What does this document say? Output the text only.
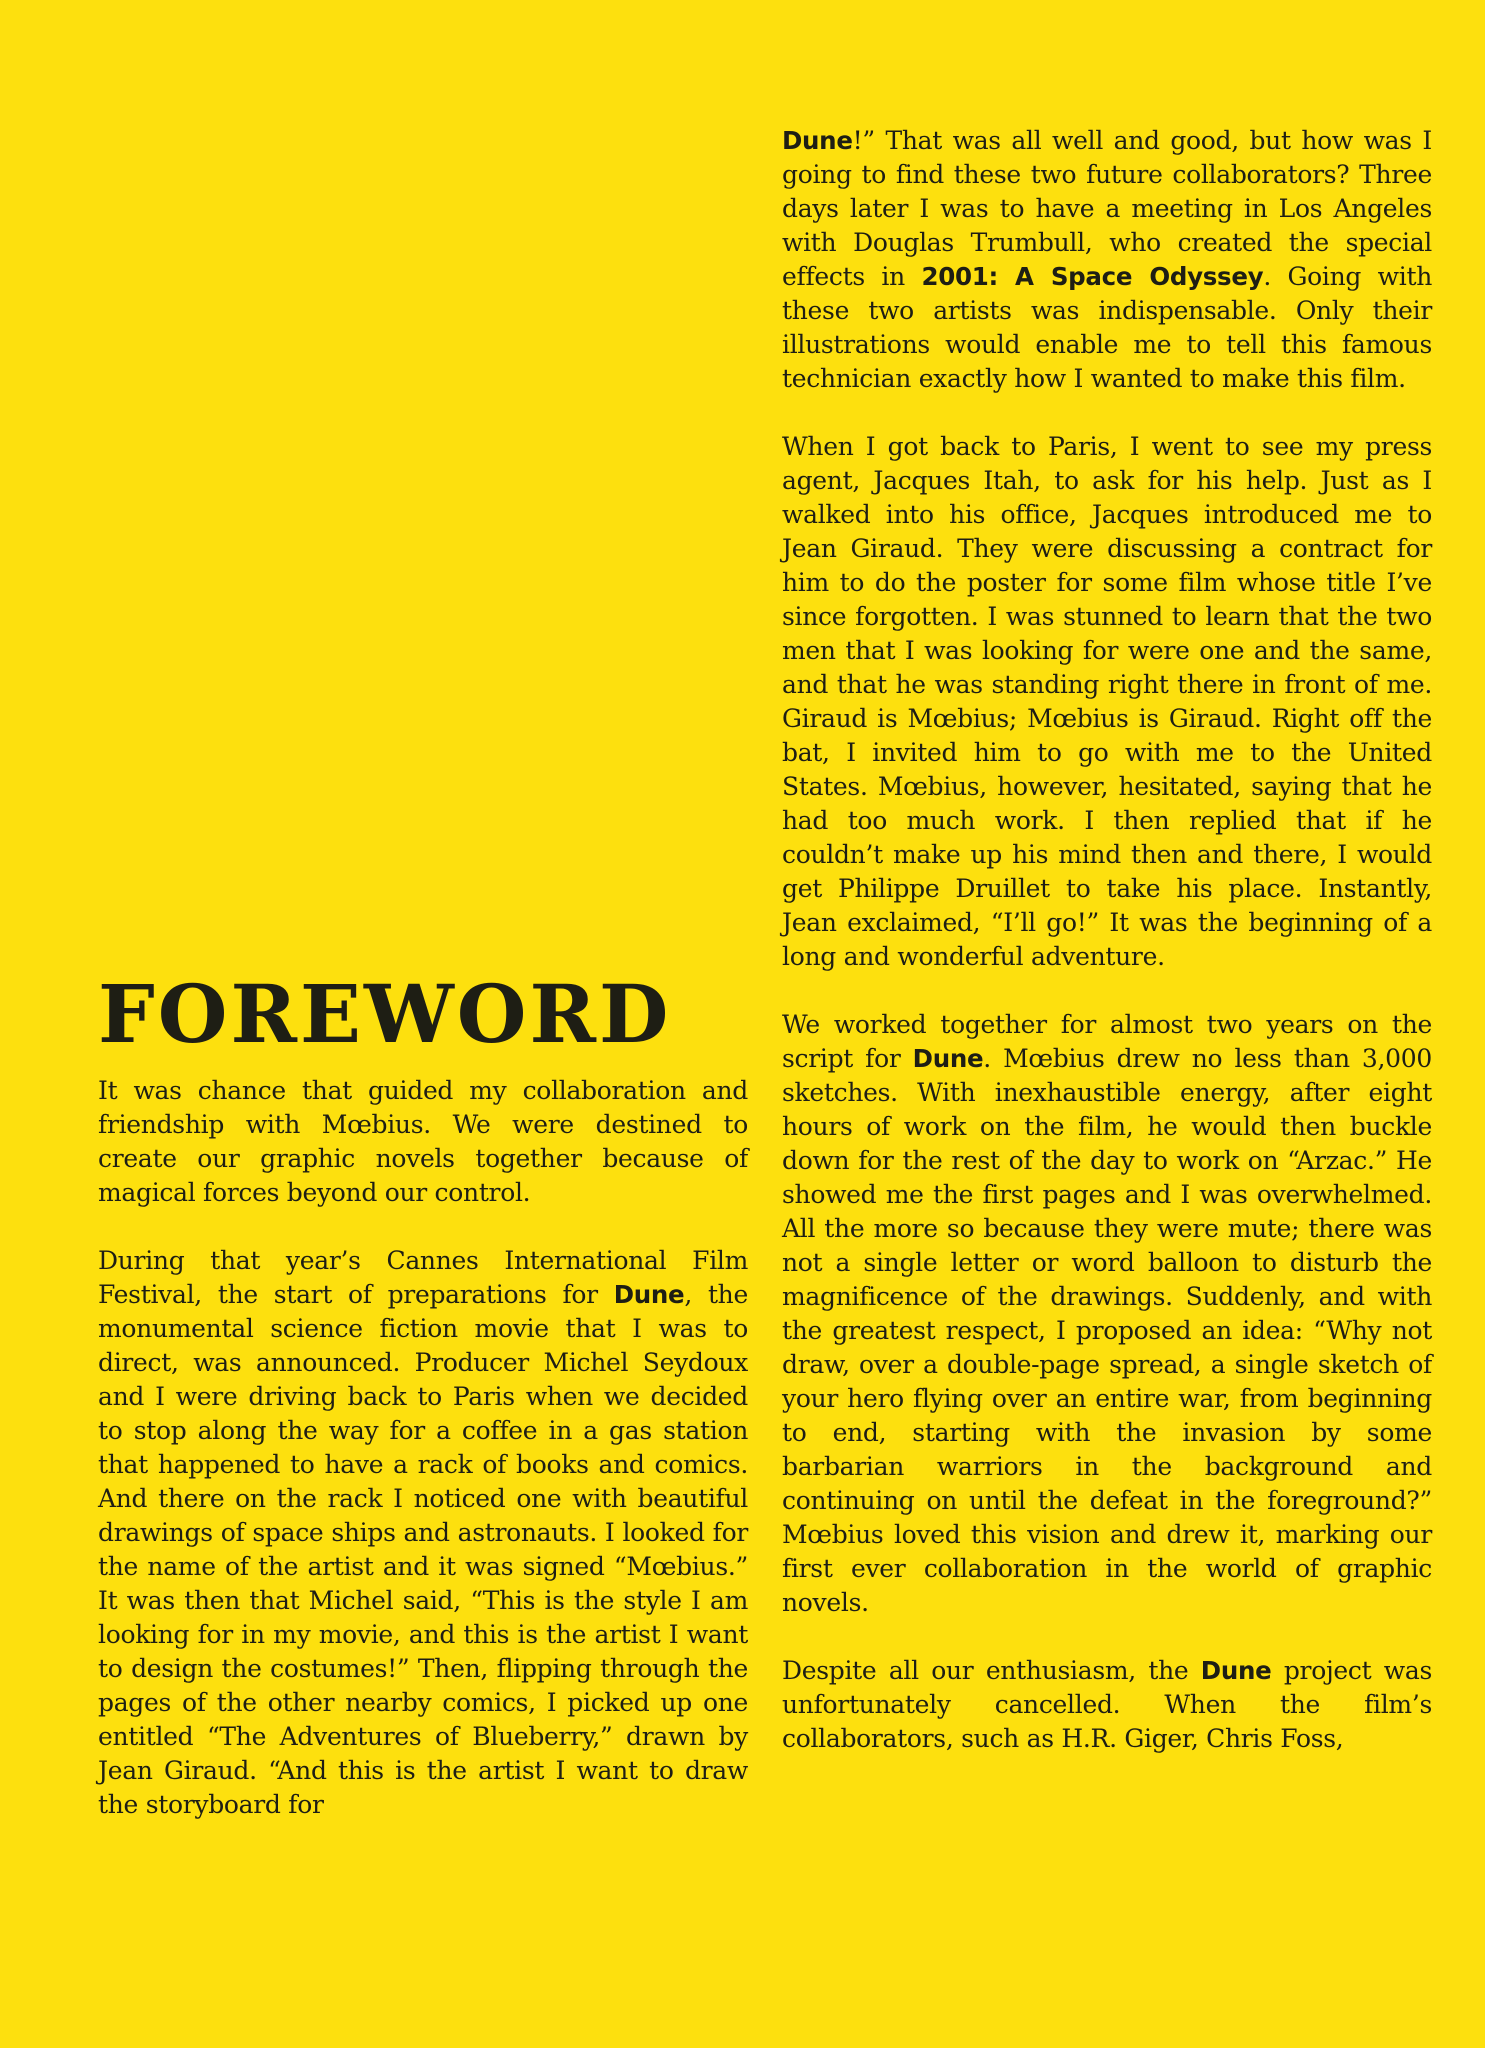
FOREWORD

It was chance that guided my collaboration and friendship with Mœbius. We were destined to create our graphic novels together because of magical forces beyond our control.

During that year’s Cannes International Film Festival, the start of preparations for Dune, the monumental science fiction movie that I was to direct, was announced. Producer Michel Seydoux and I were driving back to Paris when we decided to stop along the way for a coffee in a gas station that happened to have a rack of books and comics. And there on the rack I noticed one with beautiful drawings of space ships and astronauts. I looked for the name of the artist and it was signed “Mœbius.” It was then that Michel said, “This is the style I am looking for in my movie, and this is the artist I want to design the costumes!” Then, flipping through the pages of the other nearby comics, I picked up one entitled “The Adventures of Blueberry,” drawn by Jean Giraud. “And this is the artist I want to draw the storyboard for

Dune!” That was all well and good, but how was I going to find these two future collaborators? Three days later I was to have a meeting in Los Angeles with Douglas Trumbull, who created the special effects in 2001: A Space Odyssey. Going with these two artists was indispensable. Only their illustrations would enable me to tell this famous technician exactly how I wanted to make this film.

When I got back to Paris, I went to see my press agent, Jacques Itah, to ask for his help. Just as I walked into his office, Jacques introduced me to Jean Giraud. They were discussing a contract for him to do the poster for some film whose title I’ve since forgotten. I was stunned to learn that the two men that I was looking for were one and the same, and that he was standing right there in front of me. Giraud is Mœbius; Mœbius is Giraud. Right off the bat, I invited him to go with me to the United States. Mœbius, however, hesitated, saying that he had too much work. I then replied that if he couldn’t make up his mind then and there, I would get Philippe Druillet to take his place. Instantly, Jean exclaimed, “I’ll go!” It was the beginning of a long and wonderful adventure.

We worked together for almost two years on the script for Dune. Mœbius drew no less than 3,000 sketches. With inexhaustible energy, after eight hours of work on the film, he would then buckle down for the rest of the day to work on “Arzac.” He showed me the first pages and I was overwhelmed. All the more so because they were mute; there was not a single letter or word balloon to disturb the magnificence of the drawings. Suddenly, and with the greatest respect, I proposed an idea: “Why not draw, over a double-page spread, a single sketch of your hero flying over an entire war, from beginning to end, starting with the invasion by some barbarian warriors in the background and continuing on until the defeat in the foreground?” Mœbius loved this vision and drew it, marking our first ever collaboration in the world of graphic novels.

Despite all our enthusiasm, the Dune project was unfortunately cancelled. When the film’s collaborators, such as H.R. Giger, Chris Foss,
